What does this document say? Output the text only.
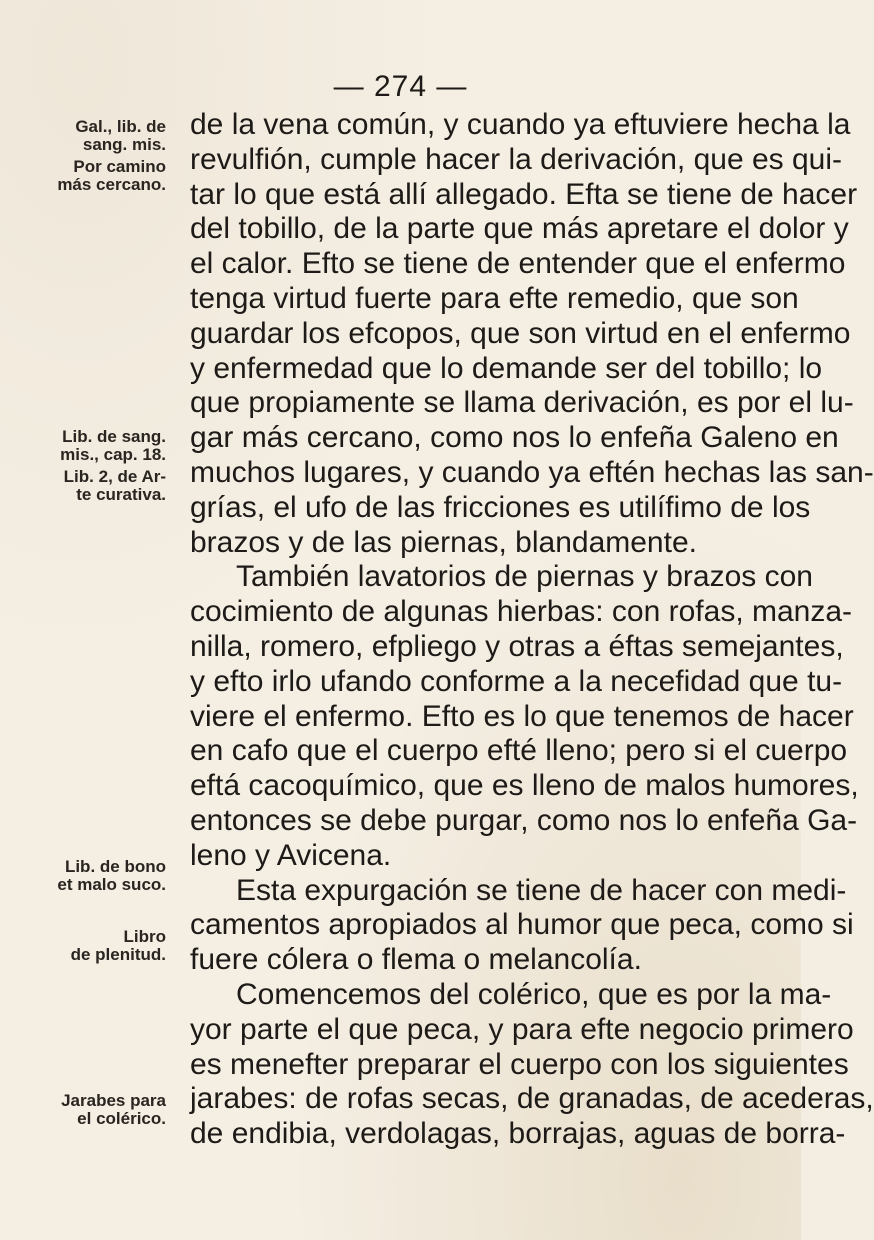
— 274 —
Gal., lib. de
sang. mis.
Por camino
más cercano.
Lib. de sang.
mis., cap. 18.
Lib. 2, de Ar-
te curativa.
Lib. de bono
et malo suco.
Libro
de plenitud.
Jarabes para
el colérico.
de la vena común, y cuando ya eftuviere hecha la
revulfión, cumple hacer la derivación, que es qui-
tar lo que está allí allegado. Efta se tiene de hacer
del tobillo, de la parte que más apretare el dolor y
el calor. Efto se tiene de entender que el enfermo
tenga virtud fuerte para efte remedio, que son
guardar los efcopos, que son virtud en el enfermo
y enfermedad que lo demande ser del tobillo; lo
que propiamente se llama derivación, es por el lu-
gar más cercano, como nos lo enfeña Galeno en
muchos lugares, y cuando ya eftén hechas las san-
grías, el ufo de las fricciones es utilífimo de los
brazos y de las piernas, blandamente.
También lavatorios de piernas y brazos con
cocimiento de algunas hierbas: con rofas, manza-
nilla, romero, efpliego y otras a éftas semejantes,
y efto irlo ufando conforme a la necefidad que tu-
viere el enfermo. Efto es lo que tenemos de hacer
en cafo que el cuerpo efté lleno; pero si el cuerpo
eftá cacoquímico, que es lleno de malos humores,
entonces se debe purgar, como nos lo enfeña Ga-
leno y Avicena.
Esta expurgación se tiene de hacer con medi-
camentos apropiados al humor que peca, como si
fuere cólera o flema o melancolía.
Comencemos del colérico, que es por la ma-
yor parte el que peca, y para efte negocio primero
es menefter preparar el cuerpo con los siguientes
jarabes: de rofas secas, de granadas, de acederas,
de endibia, verdolagas, borrajas, aguas de borra-
